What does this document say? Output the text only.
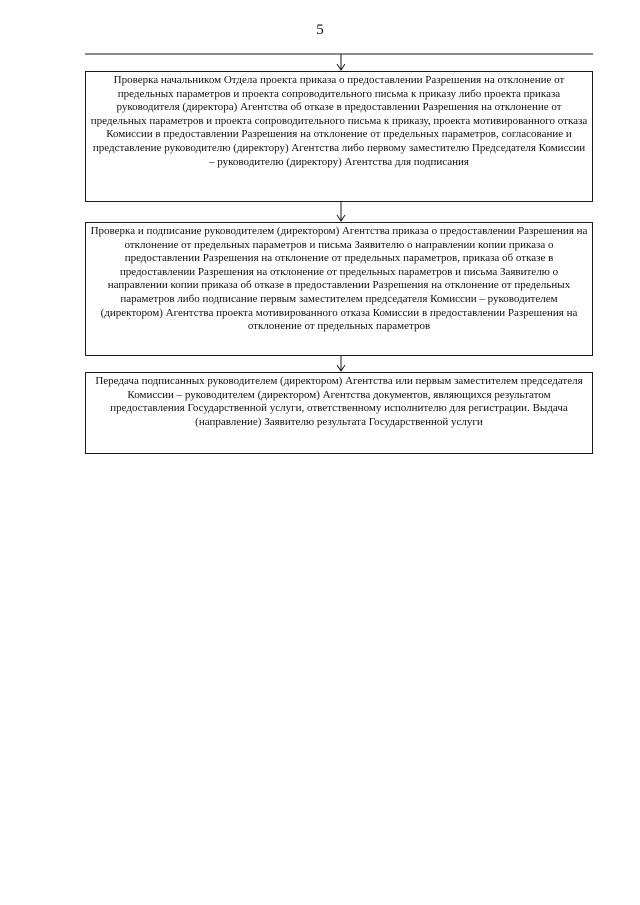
5
Проверка начальником Отдела проекта приказа о предоставлении Разрешения на отклонение от предельных параметров и проекта сопроводительного письма к приказу либо проекта приказа руководителя (директора) Агентства об отказе в предоставлении Разрешения на отклонение от предельных параметров и проекта сопроводительного письма к приказу, проекта мотивированного отказа Комиссии в предоставлении Разрешения на отклонение от предельных параметров, согласование и представление руководителю (директору) Агентства либо первому заместителю Председателя Комиссии – руководителю (директору) Агентства для подписания
Проверка и подписание руководителем (директором) Агентства приказа о предоставлении Разрешения на отклонение от предельных параметров и письма Заявителю о направлении копии приказа о предоставлении Разрешения на отклонение от предельных параметров, приказа об отказе в предоставлении Разрешения на отклонение от предельных параметров и письма Заявителю о направлении копии приказа об отказе в предоставлении Разрешения на отклонение от предельных параметров либо подписание первым заместителем председателя Комиссии – руководителем (директором) Агентства проекта мотивированного отказа Комиссии в предоставлении Разрешения на отклонение от предельных параметров
Передача подписанных руководителем (директором) Агентства или первым заместителем председателя Комиссии – руководителем (директором) Агентства документов, являющихся результатом предоставления Государственной услуги, ответственному исполнителю для регистрации. Выдача (направление) Заявителю результата Государственной услуги
